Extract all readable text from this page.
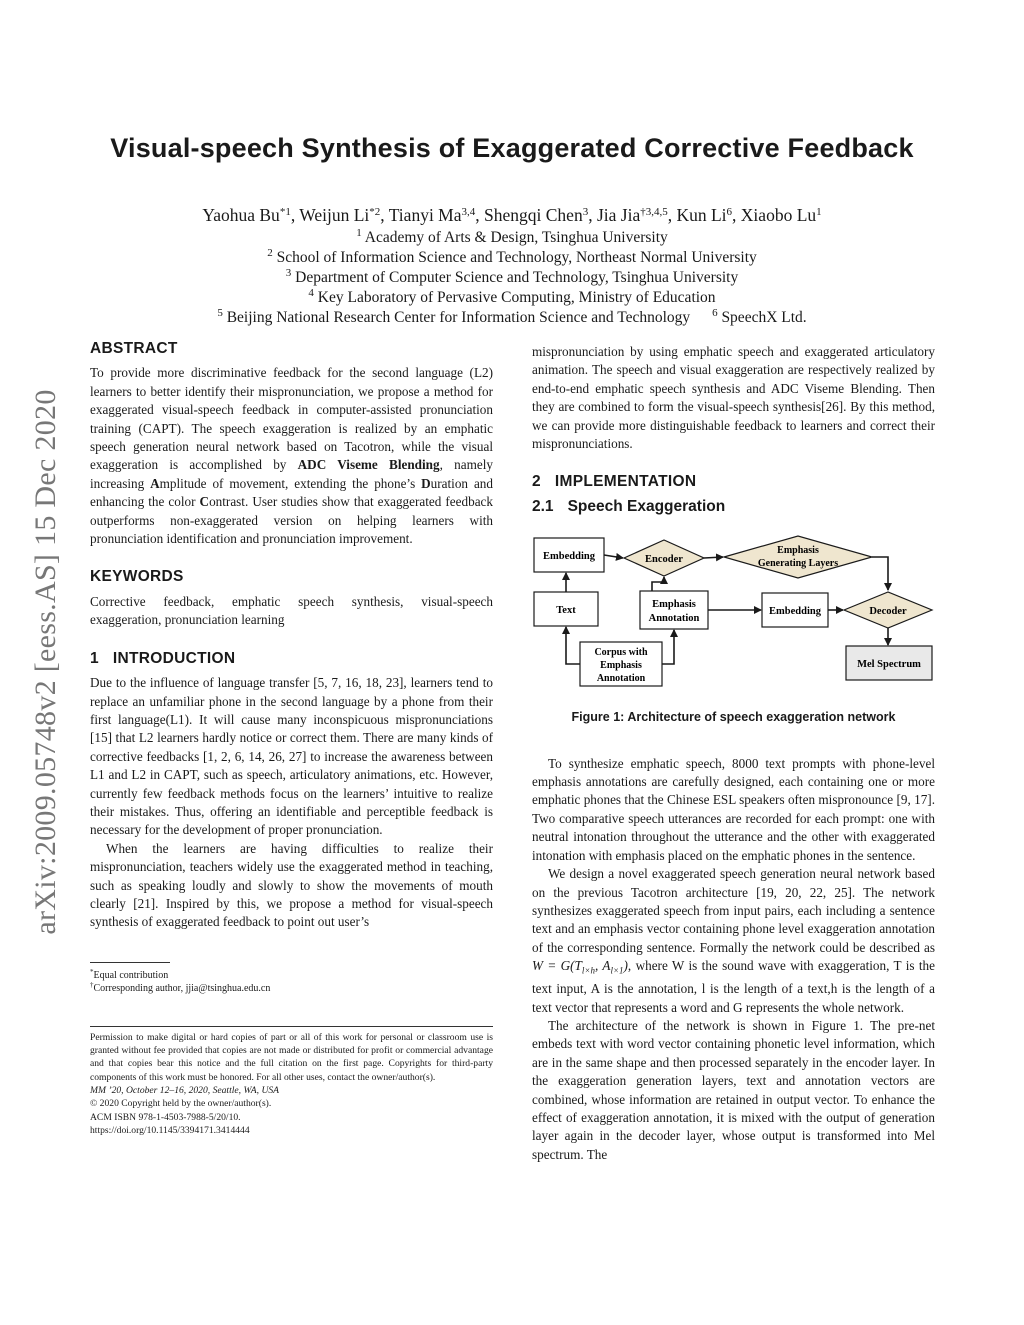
arXiv:2009.05748v2 [eess.AS] 15 Dec 2020
Visual-speech Synthesis of Exaggerated Corrective Feedback
Yaohua Bu$^{*1}$, Weijun Li$^{*2}$, Tianyi Ma$^{3,4}$, Shengqi Chen$^3$, Jia Jia$^{\dagger 3,4,5}$, Kun Li$^6$, Xiaobo Lu$^1$
$^1$ Academy of Arts & Design, Tsinghua University
$^2$ School of Information Science and Technology, Northeast Normal University
$^3$ Department of Computer Science and Technology, Tsinghua University
$^4$ Key Laboratory of Pervasive Computing, Ministry of Education
$^5$ Beijing National Research Center for Information Science and Technology $^6$ SpeechX Ltd.
ABSTRACT

To provide more discriminative feedback for the second language (L2) learners to better identify their mispronunciation, we propose a method for exaggerated visual-speech feedback in computer-assisted pronunciation training (CAPT). The speech exaggeration is realized by an emphatic speech generation neural network based on Tacotron, while the visual exaggeration is accomplished by ADC Viseme Blending, namely increasing Amplitude of movement, extending the phone’s Duration and enhancing the color Contrast. User studies show that exaggerated feedback outperforms non-exaggerated version on helping learners with pronunciation identification and pronunciation improvement.

KEYWORDS

Corrective feedback, emphatic speech synthesis, visual-speech exaggeration, pronunciation learning

1 INTRODUCTION

Due to the influence of language transfer [5, 7, 16, 18, 23], learners tend to replace an unfamiliar phone in the second language by a phone from their first language(L1). It will cause many inconspicuous mispronunciations [15] that L2 learners hardly notice or correct them. There are many kinds of corrective feedbacks [1, 2, 6, 14, 26, 27] to increase the awareness between L1 and L2 in CAPT, such as speech, articulatory animations, etc. However, currently few feedback methods focus on the learners’ intuitive to realize their mistakes. Thus, offering an identifiable and perceptible feedback is necessary for the development of proper pronunciation.

When the learners are having difficulties to realize their mispronunciation, teachers widely use the exaggerated method in teaching, such as speaking loudly and slowly to show the movements of mouth clearly [21]. Inspired by this, we propose a method for visual-speech synthesis of exaggerated feedback to point out user’s

*Equal contribution
†Corresponding author, jjia@tsinghua.edu.cn
Permission to make digital or hard copies of part or all of this work for personal or classroom use is granted without fee provided that copies are not made or distributed for profit or commercial advantage and that copies bear this notice and the full citation on the first page. Copyrights for third-party components of this work must be honored. For all other uses, contact the owner/author(s).
MM ’20, October 12–16, 2020, Seattle, WA, USA
© 2020 Copyright held by the owner/author(s).
ACM ISBN 978-1-4503-7988-5/20/10.
https://doi.org/10.1145/3394171.3414444

mispronunciation by using emphatic speech and exaggerated articulatory animation. The speech and visual exaggeration are respectively realized by end-to-end emphatic speech synthesis and ADC Viseme Blending. Then they are combined to form the visual-speech synthesis[26]. By this method, we can provide more distinguishable feedback to learners and correct their mispronunciations.

2 IMPLEMENTATION
2.1 Speech Exaggeration
Embedding	Encoder
Emphasis
Generating Layers
Text
Emphasis
Annotation
Embedding	Decoder
Corpus with
Emphasis
Annotation
Mel Spectrum
Figure 1: Architecture of speech exaggeration network

To synthesize emphatic speech, 8000 text prompts with phone-level emphasis annotations are carefully designed, each containing one or more emphatic phones that the Chinese ESL speakers often mispronounce [9, 17]. Two comparative speech utterances are recorded for each prompt: one with neutral intonation throughout the utterance and the other with exaggerated intonation with emphasis placed on the emphatic phones in the sentence.

We design a novel exaggerated speech generation neural network based on the previous Tacotron architecture [19, 20, 22, 25]. The network synthesizes exaggerated speech from input pairs, each including a sentence text and an emphasis vector containing phone level exaggeration annotation of the corresponding sentence. Formally the network could be described as $W = G(T_{l\times h}$, $A_{l\times 1}$), where W is the sound wave with exaggeration, T is the text input, A is the annotation, l is the length of a text,h is the length of a text vector that represents a word and G represents the whole network.

The architecture of the network is shown in Figure 1. The pre-net embeds text with word vector containing phonetic level information, which are in the same shape and then processed separately in the encoder layer. In the exaggeration generation layers, text and annotation vectors are combined, whose information are retained in output vector. To enhance the effect of exaggeration annotation, it is mixed with the output of generation layer again in the decoder layer, whose output is transformed into Mel spectrum. The
